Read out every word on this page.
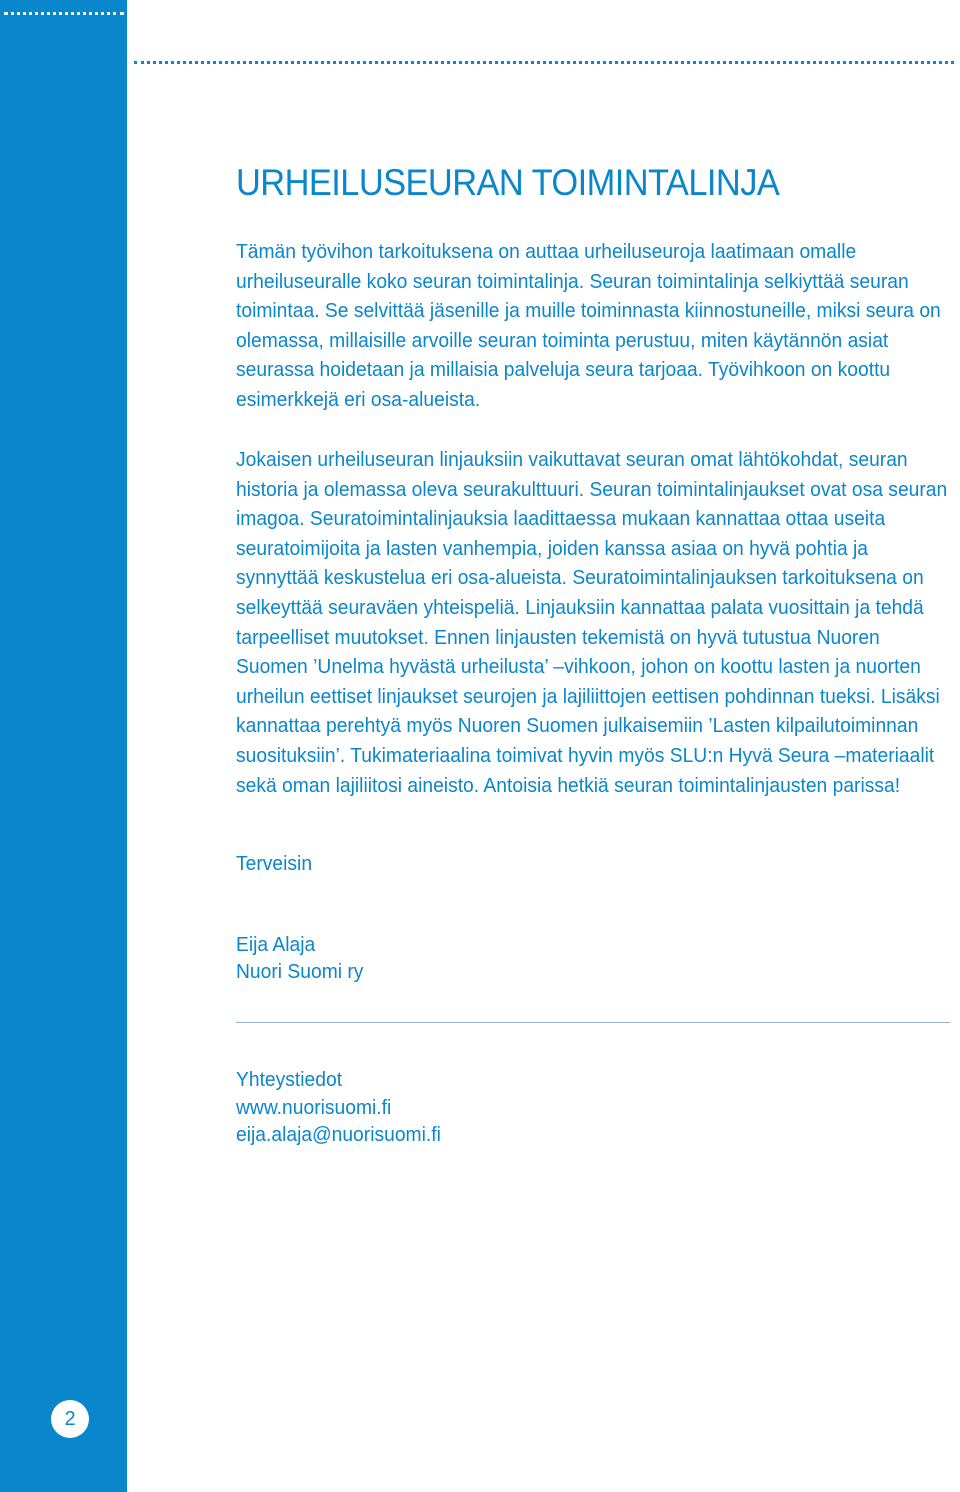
2
URHEILUSEURAN TOIMINTALINJA

Tämän työvihon tarkoituksena on auttaa urheiluseuroja laatimaan omalle urheiluseuralle koko seuran toimintalinja. Seuran toimintalinja selkiyttää seuran toimintaa. Se selvittää jäsenille ja muille toiminnasta kiinnostuneille, miksi seura on olemassa, millaisille arvoille seuran toiminta perustuu, miten käytännön asiat seurassa hoidetaan ja millaisia palveluja seura tarjoaa. Työvihkoon on koottu esimerkkejä eri osa-alueista.

Jokaisen urheiluseuran linjauksiin vaikuttavat seuran omat lähtökohdat, seuran historia ja olemassa oleva seurakulttuuri. Seuran toimintalinjaukset ovat osa seuran imagoa. Seuratoimintalinjauksia laadittaessa mukaan kannattaa ottaa useita seuratoimijoita ja lasten vanhempia, joiden kanssa asiaa on hyvä pohtia ja synnyttää keskustelua eri osa-alueista. Seuratoimintalinjauksen tarkoituksena on selkeyttää seuraväen yhteispeliä. Linjauksiin kannattaa palata vuosittain ja tehdä tarpeelliset muutokset. Ennen linjausten tekemistä on hyvä tutustua Nuoren Suomen ’Unelma hyvästä urheilusta’ –vihkoon, johon on koottu lasten ja nuorten urheilun eettiset linjaukset seurojen ja lajiliittojen eettisen pohdinnan tueksi. Lisäksi kannattaa perehtyä myös Nuoren Suomen julkaisemiin ’Lasten kilpailutoiminnan suosituksiin’. Tukimateriaalina toimivat hyvin myös SLU:n Hyvä Seura –materiaalit sekä oman lajiliitosi aineisto. Antoisia hetkiä seuran toimintalinjausten parissa!

Terveisin

Eija Alaja

Nuori Suomi ry

Yhteystiedot

www.nuorisuomi.fi

eija.alaja@nuorisuomi.fi
